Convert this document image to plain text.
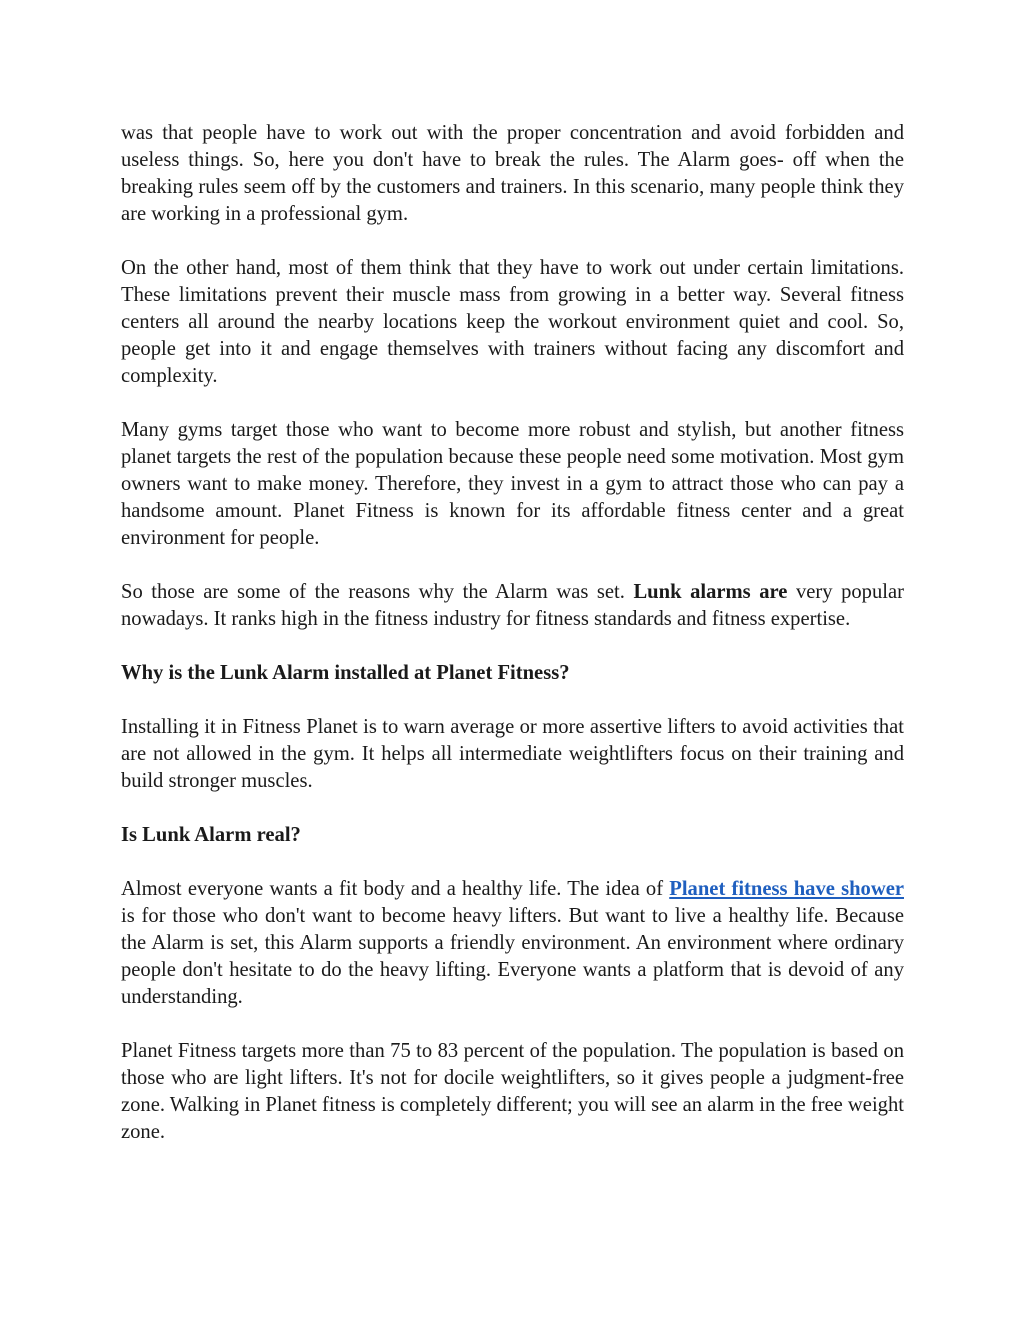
was that people have to work out with the proper concentration and avoid forbidden and useless things. So, here you don't have to break the rules. The Alarm goes- off when the breaking rules seem off by the customers and trainers. In this scenario, many people think they are working in a professional gym.

On the other hand, most of them think that they have to work out under certain limitations. These limitations prevent their muscle mass from growing in a better way. Several fitness centers all around the nearby locations keep the workout environment quiet and cool. So, people get into it and engage themselves with trainers without facing any discomfort and complexity.

Many gyms target those who want to become more robust and stylish, but another fitness planet targets the rest of the population because these people need some motivation. Most gym owners want to make money. Therefore, they invest in a gym to attract those who can pay a handsome amount. Planet Fitness is known for its affordable fitness center and a great environment for people.

So those are some of the reasons why the Alarm was set. Lunk alarms are very popular nowadays. It ranks high in the fitness industry for fitness standards and fitness expertise.

Why is the Lunk Alarm installed at Planet Fitness?

Installing it in Fitness Planet is to warn average or more assertive lifters to avoid activities that are not allowed in the gym. It helps all intermediate weightlifters focus on their training and build stronger muscles.

Is Lunk Alarm real?

Almost everyone wants a fit body and a healthy life. The idea of Planet fitness have shower is for those who don't want to become heavy lifters. But want to live a healthy life. Because the Alarm is set, this Alarm supports a friendly environment. An environment where ordinary people don't hesitate to do the heavy lifting. Everyone wants a platform that is devoid of any understanding.

Planet Fitness targets more than 75 to 83 percent of the population. The population is based on those who are light lifters. It's not for docile weightlifters, so it gives people a judgment-free zone. Walking in Planet fitness is completely different; you will see an alarm in the free weight zone.
